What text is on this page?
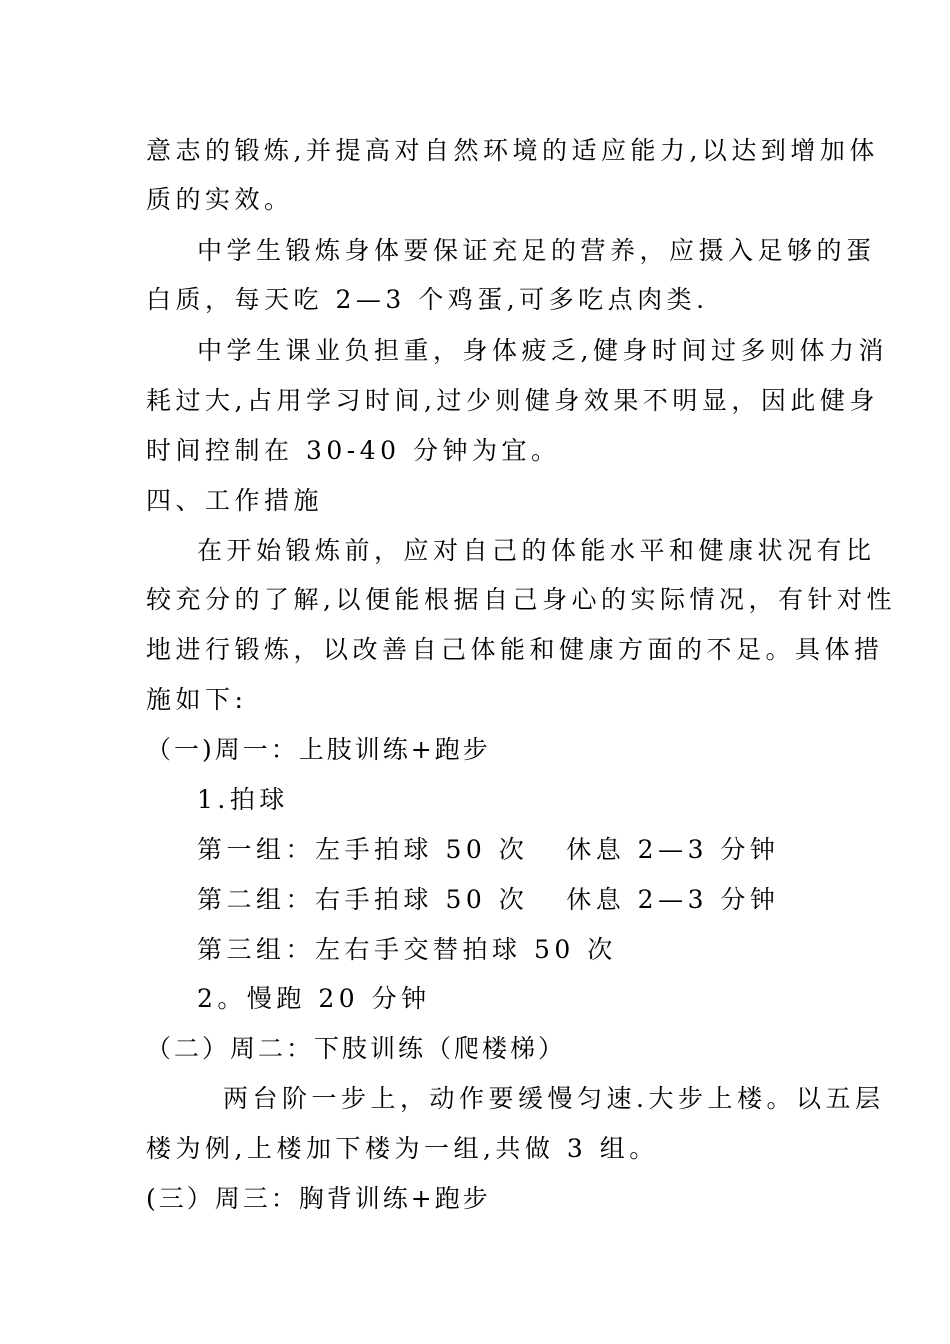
意志的锻炼,并提高对自然环境的适应能力,以达到增加体
质的实效。
中学生锻炼身体要保证充足的营养，应摄入足够的蛋
白质，每天吃 2—3 个鸡蛋,可多吃点肉类.
中学生课业负担重，身体疲乏,健身时间过多则体力消
耗过大,占用学习时间,过少则健身效果不明显，因此健身
时间控制在 30-40 分钟为宜。
四、工作措施
在开始锻炼前，应对自己的体能水平和健康状况有比
较充分的了解,以便能根据自己身心的实际情况，有针对性
地进行锻炼，以改善自己体能和健康方面的不足。具体措
施如下:
（一)周一：上肢训练+跑步
1.拍球
第一组：左手拍球 50 次 休息 2—3 分钟
第二组：右手拍球 50 次 休息 2—3 分钟
第三组：左右手交替拍球 50 次
2。慢跑 20 分钟
（二）周二：下肢训练（爬楼梯）
两台阶一步上，动作要缓慢匀速.大步上楼。以五层
楼为例,上楼加下楼为一组,共做 3 组。
(三）周三：胸背训练+跑步
